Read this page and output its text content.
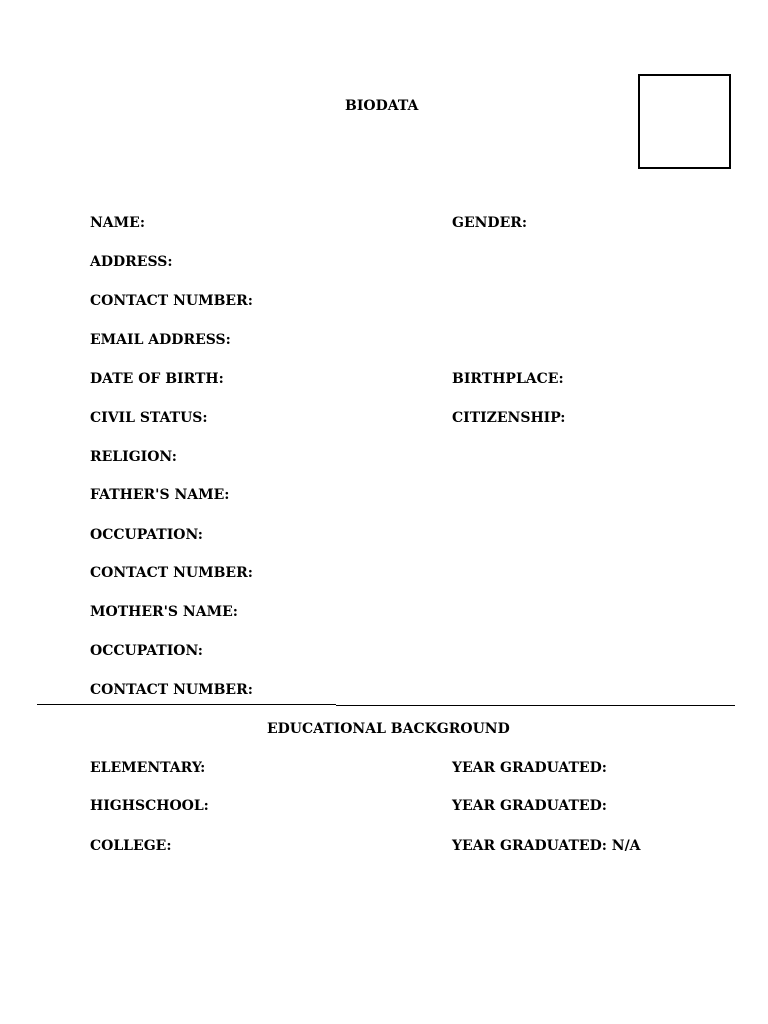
BIODATA
NAME:	GENDER:
ADDRESS:
CONTACT NUMBER:
EMAIL ADDRESS:
DATE OF BIRTH:	BIRTHPLACE:
CIVIL STATUS:	CITIZENSHIP:
RELIGION:
FATHER'S NAME:
OCCUPATION:
CONTACT NUMBER:
MOTHER'S NAME:
OCCUPATION:
CONTACT NUMBER:
EDUCATIONAL BACKGROUND
ELEMENTARY:	YEAR GRADUATED:
HIGHSCHOOL:	YEAR GRADUATED:
COLLEGE:	YEAR GRADUATED: N/A
